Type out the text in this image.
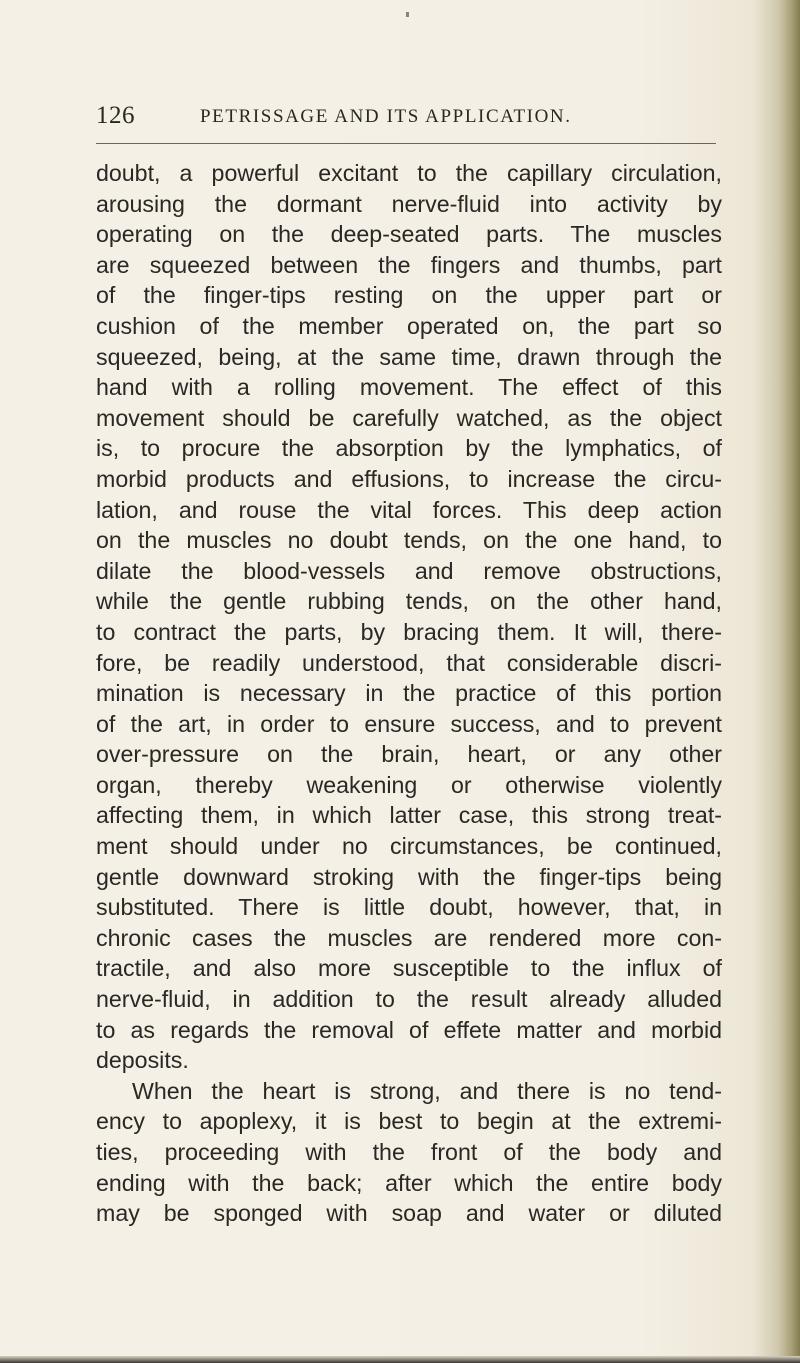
126	PETRISSAGE AND ITS APPLICATION.
doubt, a powerful excitant to the capillary circulation,
arousing the dormant nerve-fluid into activity by
operating on the deep-seated parts. The muscles
are squeezed between the fingers and thumbs, part
of the finger-tips resting on the upper part or
cushion of the member operated on, the part so
squeezed, being, at the same time, drawn through the
hand with a rolling movement. The effect of this
movement should be carefully watched, as the object
is, to procure the absorption by the lymphatics, of
morbid products and effusions, to increase the circu-
lation, and rouse the vital forces. This deep action
on the muscles no doubt tends, on the one hand, to
dilate the blood-vessels and remove obstructions,
while the gentle rubbing tends, on the other hand,
to contract the parts, by bracing them. It will, there-
fore, be readily understood, that considerable discri-
mination is necessary in the practice of this portion
of the art, in order to ensure success, and to prevent
over-pressure on the brain, heart, or any other
organ, thereby weakening or otherwise violently
affecting them, in which latter case, this strong treat-
ment should under no circumstances, be continued,
gentle downward stroking with the finger-tips being
substituted. There is little doubt, however, that, in
chronic cases the muscles are rendered more con-
tractile, and also more susceptible to the influx of
nerve-fluid, in addition to the result already alluded
to as regards the removal of effete matter and morbid
deposits.
When the heart is strong, and there is no tend-
ency to apoplexy, it is best to begin at the extremi-
ties, proceeding with the front of the body and
ending with the back; after which the entire body
may be sponged with soap and water or diluted
